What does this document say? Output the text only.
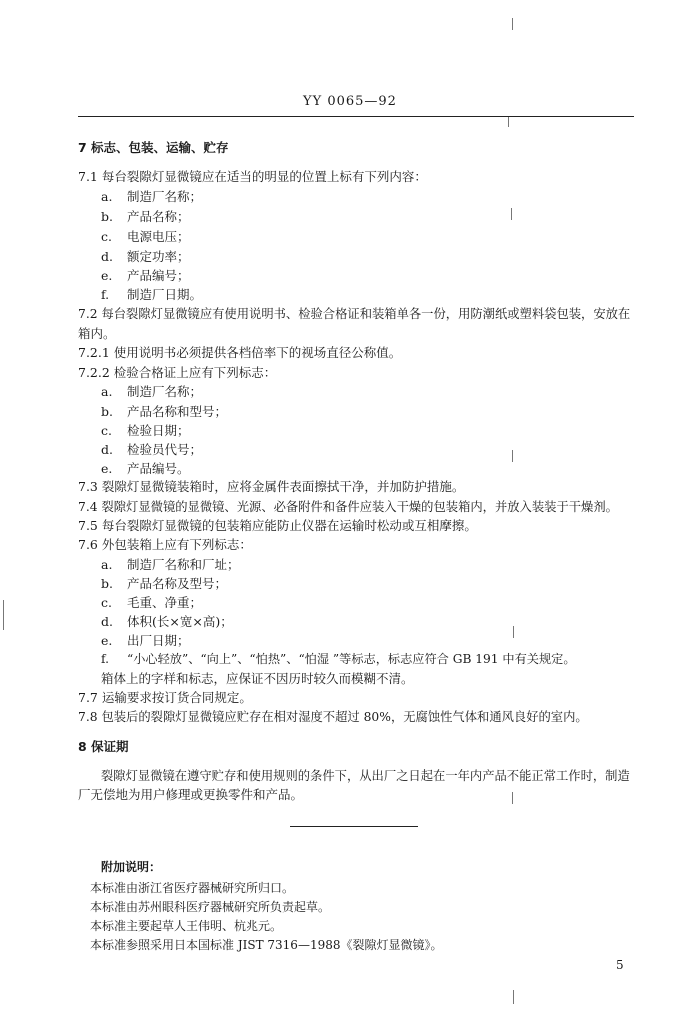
YY 0065—92
7 标志、包装、运输、贮存
7.1 每台裂隙灯显微镜应在适当的明显的位置上标有下列内容：
a. 制造厂名称；
b. 产品名称；
c. 电源电压；
d. 额定功率；
e. 产品编号；
f. 制造厂日期。
7.2 每台裂隙灯显微镜应有使用说明书、检验合格证和装箱单各一份，用防潮纸或塑料袋包装，安放在
箱内。
7.2.1 使用说明书必须提供各档倍率下的视场直径公称值。
7.2.2 检验合格证上应有下列标志：
a. 制造厂名称；
b. 产品名称和型号；
c. 检验日期；
d. 检验员代号；
e. 产品编号。
7.3 裂隙灯显微镜装箱时，应将金属件表面擦拭干净，并加防护措施。
7.4 裂隙灯显微镜的显微镜、光源、必备附件和备件应装入干燥的包装箱内，并放入装装于干燥剂。
7.5 每台裂隙灯显微镜的包装箱应能防止仪器在运输时松动或互相摩擦。
7.6 外包装箱上应有下列标志：
a. 制造厂名称和厂址；
b. 产品名称及型号；
c. 毛重、净重；
d. 体积(长×宽×高)；
e. 出厂日期；
f. “小心轻放”、“向上”、“怕热”、“怕湿 ”等标志，标志应符合 GB 191 中有关规定。
箱体上的字样和标志，应保证不因历时较久而模糊不清。
7.7 运输要求按订货合同规定。
7.8 包装后的裂隙灯显微镜应贮存在相对湿度不超过 80%，无腐蚀性气体和通风良好的室内。
8 保证期
裂隙灯显微镜在遵守贮存和使用规则的条件下，从出厂之日起在一年内产品不能正常工作时，制造
厂无偿地为用户修理或更换零件和产品。
附加说明：
本标准由浙江省医疗器械研究所归口。
本标准由苏州眼科医疗器械研究所负责起草。
本标准主要起草人王伟明、杭兆元。
本标准参照采用日本国标准 JIST 7316—1988《裂隙灯显微镜》。
5
